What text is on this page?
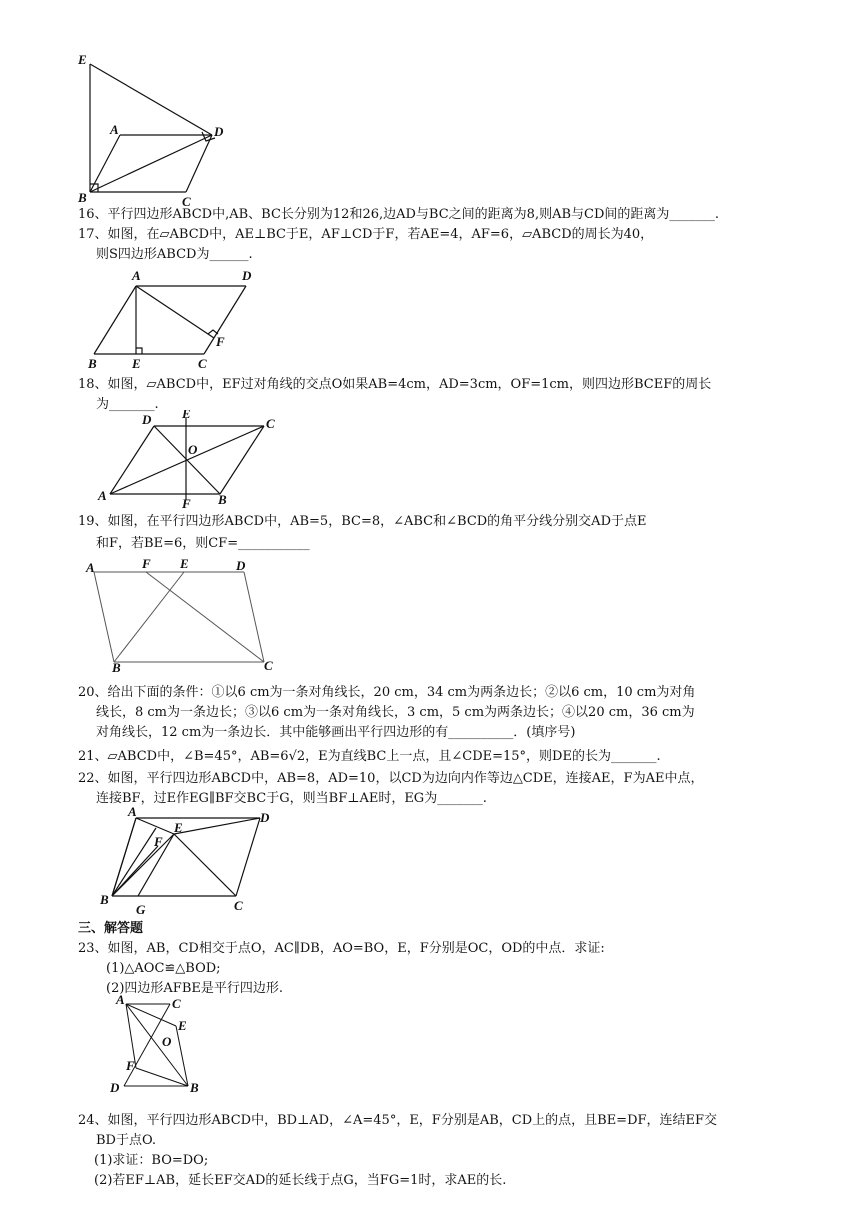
E
A	D
B	C
16、平行四边形ABCD中,AB、BC长分别为12和26,边AD与BC之间的距离为8,则AB与CD间的距离为_______.
17、如图，在▱ABCD中，AE⊥BC于E，AF⊥CD于F，若AE=4，AF=6，▱ABCD的周长为40，
则S四边形ABCD为______.
A	D
B	E	C
F
18、如图，▱ABCD中，EF过对角线的交点O如果AB=4cm，AD=3cm，OF=1cm，则四边形BCEF的周长
为_______.
D E
C
O
A
F B
19、如图，在平行四边形ABCD中，AB=5，BC=8，∠ABC和∠BCD的角平分线分别交AD于点E
和F，若BE=6，则CF=___________
A	F E	D
B	C
20、给出下面的条件：①以6 cm为一条对角线长，20 cm，34 cm为两条边长；②以6 cm，10 cm为对角
线长，8 cm为一条边长；③以6 cm为一条对角线长，3 cm，5 cm为两条边长；④以20 cm，36 cm为
对角线长，12 cm为一条边长．其中能够画出平行四边形的有__________．(填序号)
21、▱ABCD中，∠B=45°，AB=6√2，E为直线BC上一点，且∠CDE=15°，则DE的长为_______.
22、如图，平行四边形ABCD中，AB=8，AD=10，以CD为边向内作等边△CDE，连接AE，F为AE中点，
连接BF，过E作EG∥BF交BC于G，则当BF⊥AE时，EG为_______.
A
E
D
F
B
G	C
三、解答题
23、如图，AB，CD相交于点O，AC∥DB，AO=BO，E，F分别是OC，OD的中点．求证:
(1)△AOC≌△BOD;
(2)四边形AFBE是平行四边形.
A	C
E
O
F
D	B
24、如图，平行四边形ABCD中，BD⊥AD，∠A=45°，E，F分别是AB，CD上的点，且BE=DF，连结EF交
BD于点O.
(1)求证：BO=DO;
(2)若EF⊥AB，延长EF交AD的延长线于点G，当FG=1时，求AE的长.
